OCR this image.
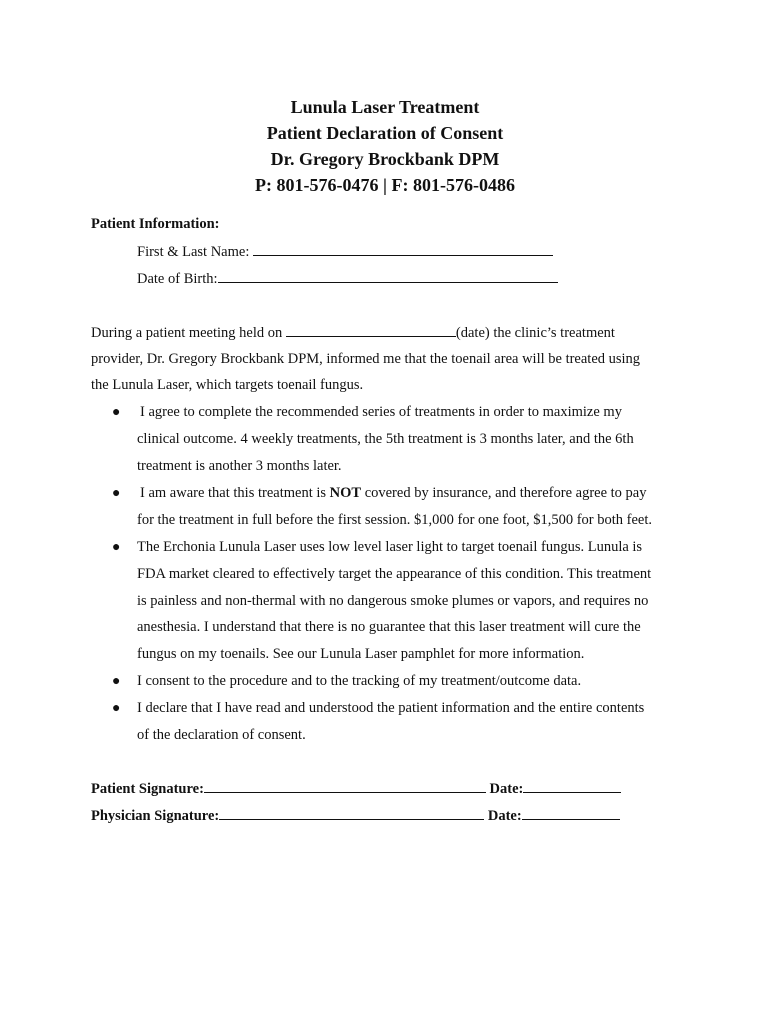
Lunula Laser Treatment
Patient Declaration of Consent
Dr. Gregory Brockbank DPM
P: 801-576-0476 | F: 801-576-0486
Patient Information:
First & Last Name:
Date of Birth:
During a patient meeting held on	(date) the clinic’s treatment
provider, Dr. Gregory Brockbank DPM, informed me that the toenail area will be treated using
the Lunula Laser, which targets toenail fungus.
● I agree to complete the recommended series of treatments in order to maximize my
clinical outcome. 4 weekly treatments, the 5th treatment is 3 months later, and the 6th
treatment is another 3 months later.
● I am aware that this treatment is NOT covered by insurance, and therefore agree to pay
for the treatment in full before the first session. $1,000 for one foot, $1,500 for both feet.
● The Erchonia Lunula Laser uses low level laser light to target toenail fungus. Lunula is
FDA market cleared to effectively target the appearance of this condition. This treatment
is painless and non-thermal with no dangerous smoke plumes or vapors, and requires no
anesthesia. I understand that there is no guarantee that this laser treatment will cure the
fungus on my toenails. See our Lunula Laser pamphlet for more information.
● I consent to the procedure and to the tracking of my treatment/outcome data.
● I declare that I have read and understood the patient information and the entire contents
of the declaration of consent.
Patient Signature:	Date:
Physician Signature:	Date:
